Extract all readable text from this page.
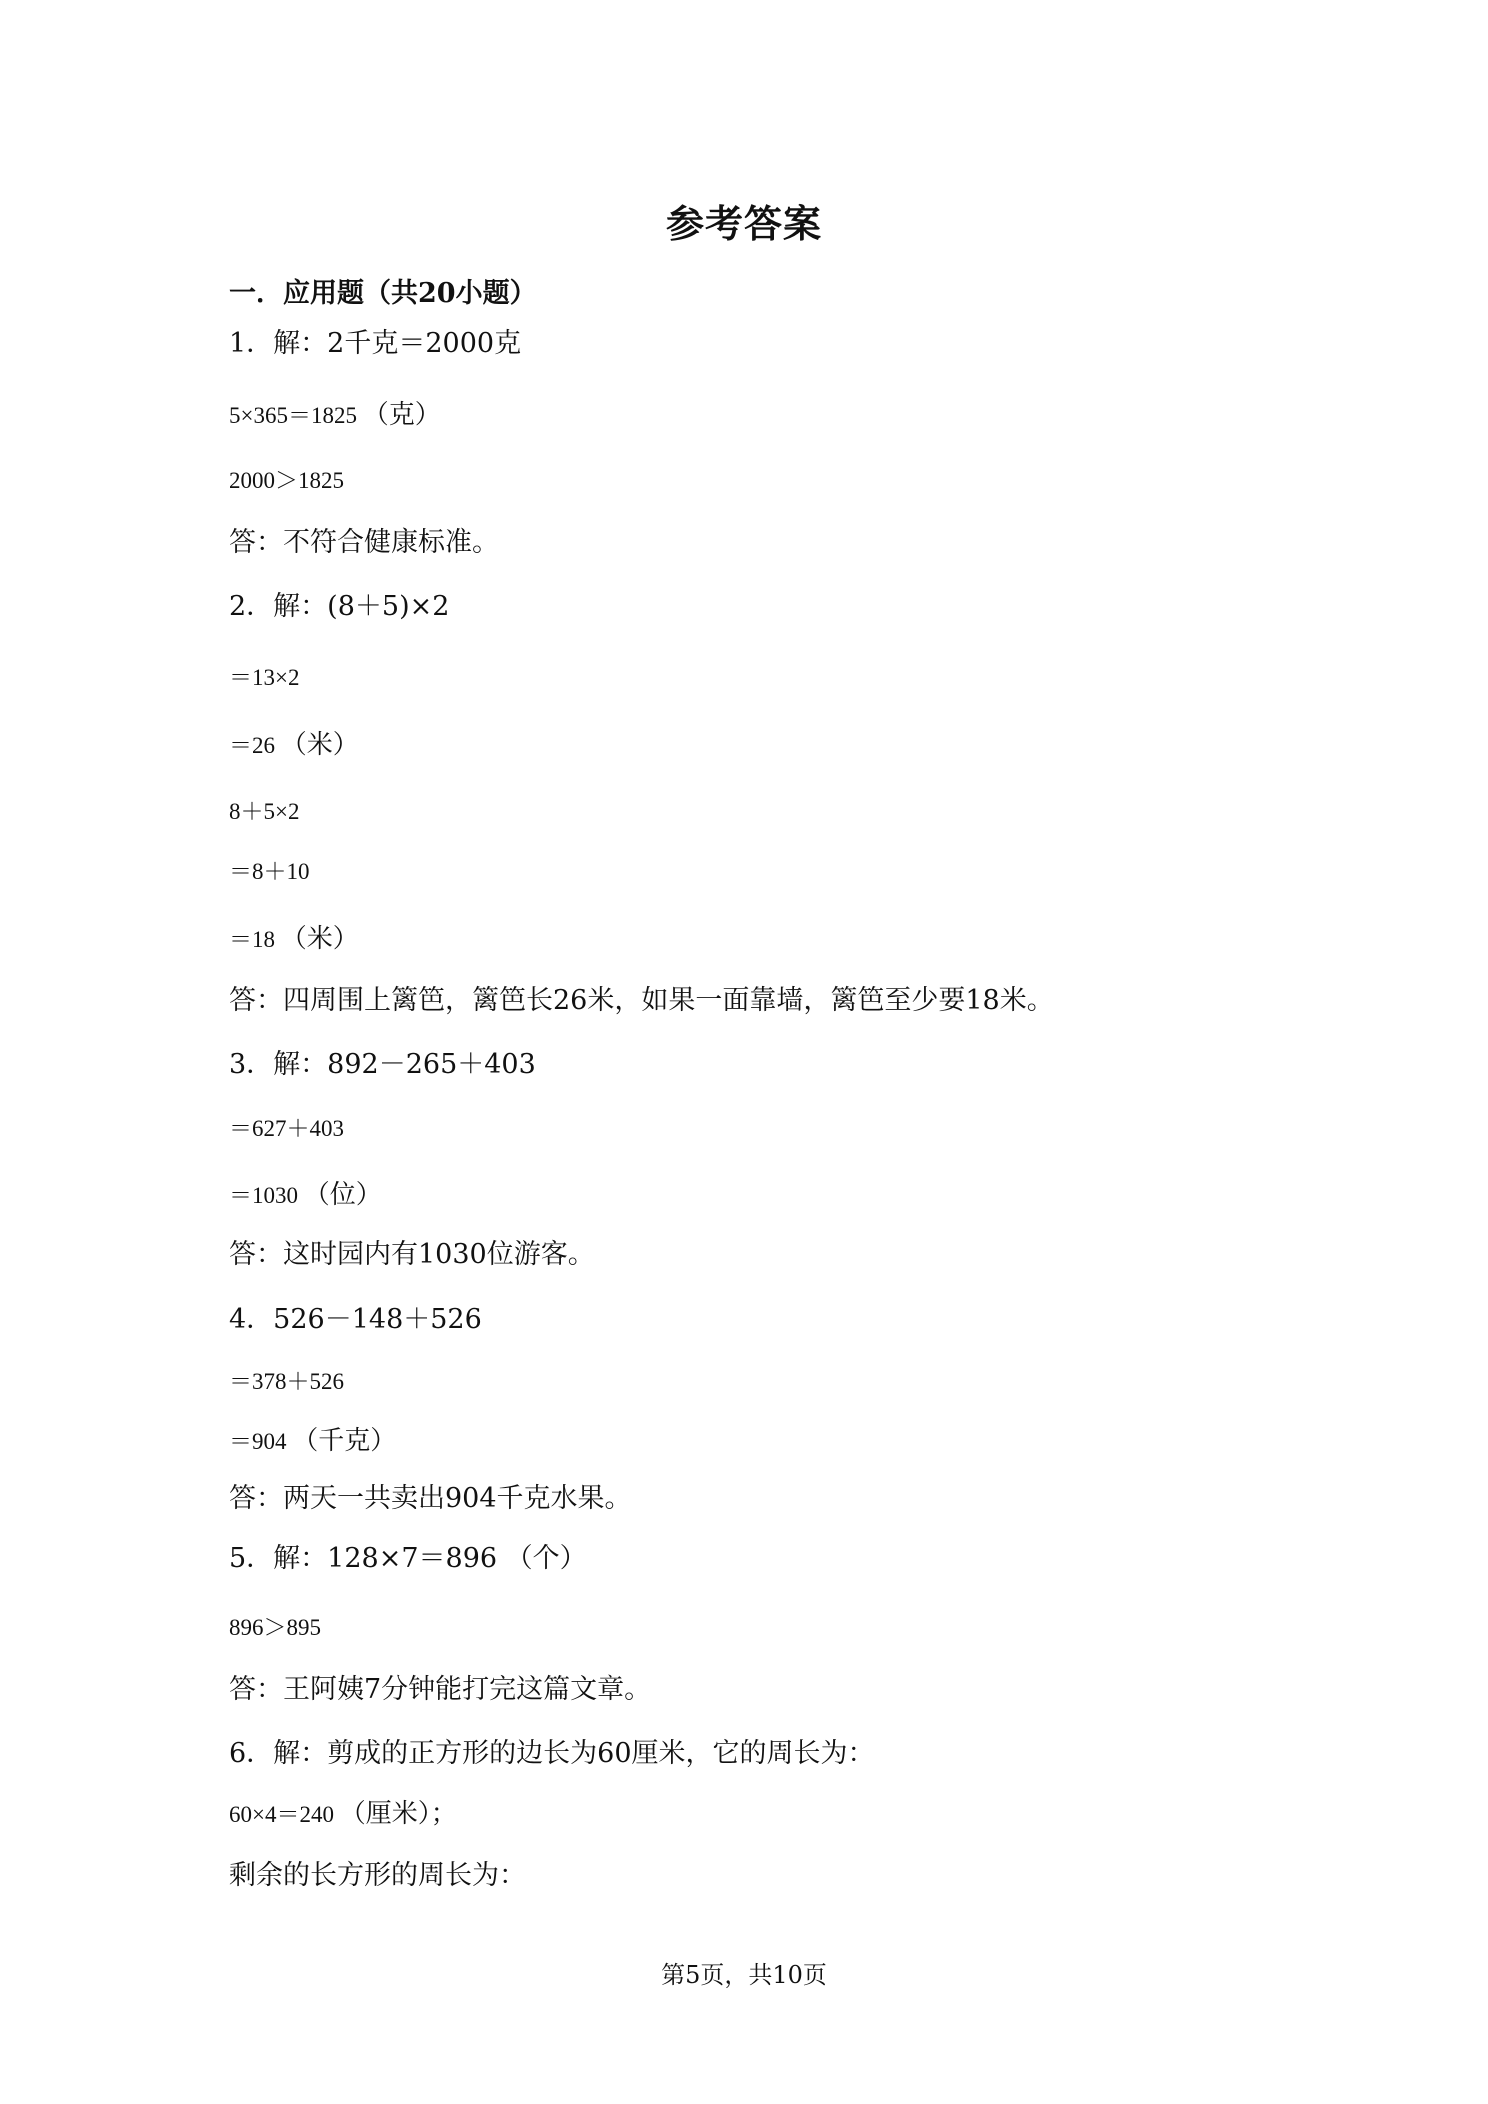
参考答案
一．应用题（共20小题）
1．解：2千克＝2000克
5×365＝1825 （克）
2000＞1825
答：不符合健康标准。
2．解：(8＋5)×2
＝13×2
＝26 （米）
8＋5×2
＝8＋10
＝18 （米）
答：四周围上篱笆，篱笆长26米，如果一面靠墙，篱笆至少要18米。
3．解：892－265＋403
＝627＋403
＝1030 （位）
答：这时园内有1030位游客。
4．526－148＋526
＝378＋526
＝904 （千克）
答：两天一共卖出904千克水果。
5．解：128×7＝896 （个）
896＞895
答：王阿姨7分钟能打完这篇文章。
6．解：剪成的正方形的边长为60厘米，它的周长为：
60×4＝240 （厘米）；
剩余的长方形的周长为：
第5页，共10页
